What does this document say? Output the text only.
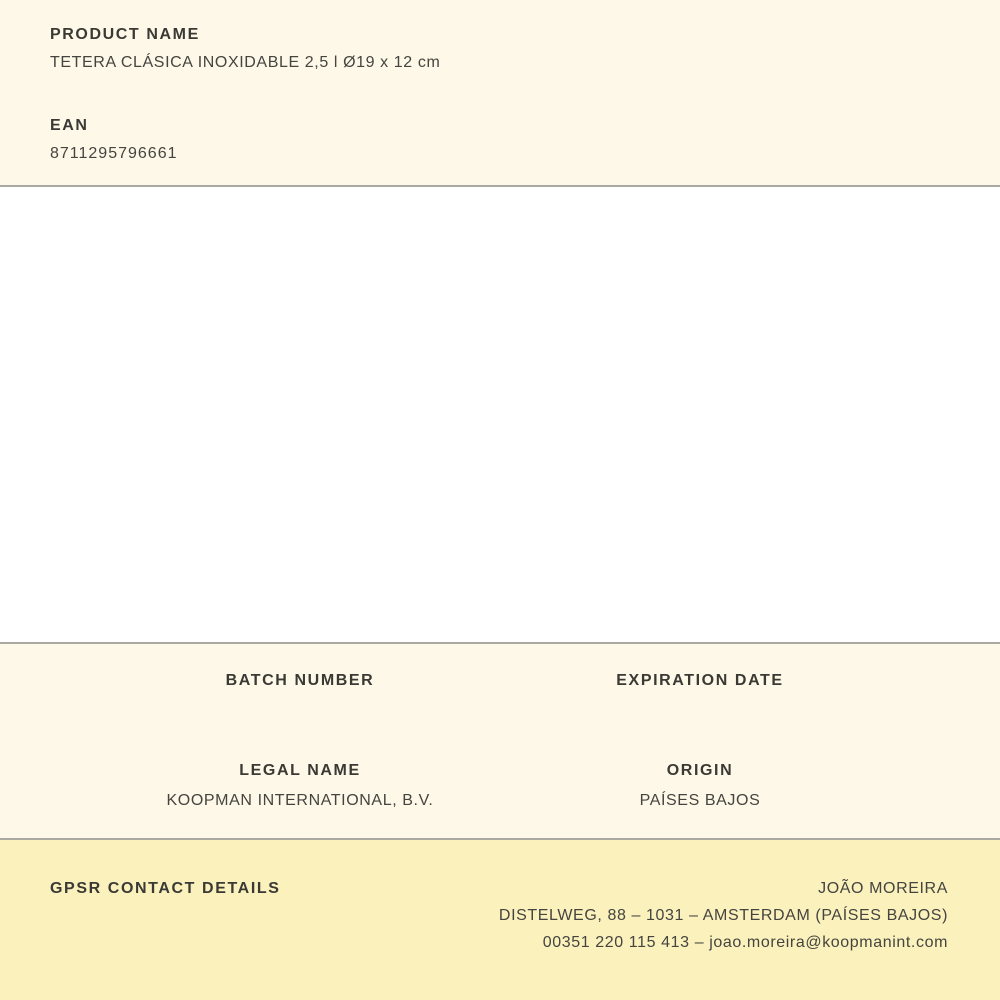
PRODUCT NAME
TETERA CLÁSICA INOXIDABLE 2,5 l Ø19 x 12 cm
EAN
8711295796661
BATCH NUMBER	EXPIRATION DATE
LEGAL NAME
KOOPMAN INTERNATIONAL, B.V.
ORIGIN
PAÍSES BAJOS
GPSR CONTACT DETAILS	JOÃO MOREIRA
DISTELWEG, 88 – 1031 – AMSTERDAM (PAÍSES BAJOS)
00351 220 115 413 – joao.moreira@koopmanint.com
